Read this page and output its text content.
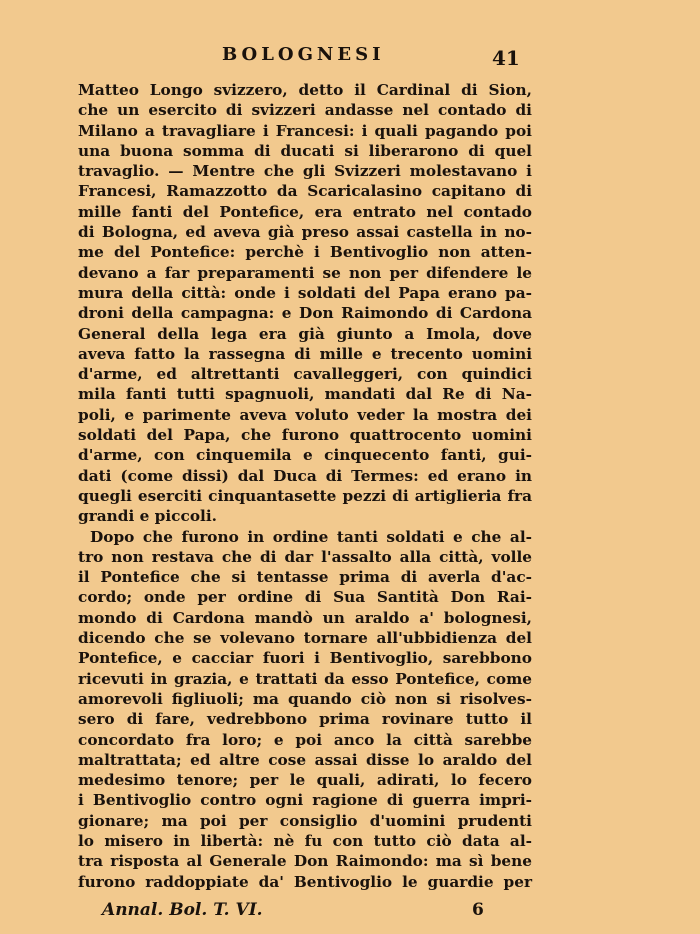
BOLOGNESI	41
Matteo Longo svizzero, detto il Cardinal di Sion,
che un esercito di svizzeri andasse nel contado di
Milano a travagliare i Francesi: i quali pagando poi
una buona somma di ducati si liberarono di quel
travaglio. — Mentre che gli Svizzeri molestavano i
Francesi, Ramazzotto da Scaricalasino capitano di
mille fanti del Pontefice, era entrato nel contado
di Bologna, ed aveva già preso assai castella in no-
me del Pontefice: perchè i Bentivoglio non atten-
devano a far preparamenti se non per difendere le
mura della città: onde i soldati del Papa erano pa-
droni della campagna: e Don Raimondo di Cardona
General della lega era già giunto a Imola, dove
aveva fatto la rassegna di mille e trecento uomini
d'arme, ed altrettanti cavalleggeri, con quindici
mila fanti tutti spagnuoli, mandati dal Re di Na-
poli, e parimente aveva voluto veder la mostra dei
soldati del Papa, che furono quattrocento uomini
d'arme, con cinquemila e cinquecento fanti, gui-
dati (come dissi) dal Duca di Termes: ed erano in
quegli eserciti cinquantasette pezzi di artiglieria fra
grandi e piccoli.
Dopo che furono in ordine tanti soldati e che al-
tro non restava che di dar l'assalto alla città, volle
il Pontefice che si tentasse prima di averla d'ac-
cordo; onde per ordine di Sua Santità Don Rai-
mondo di Cardona mandò un araldo a' bolognesi,
dicendo che se volevano tornare all'ubbidienza del
Pontefice, e cacciar fuori i Bentivoglio, sarebbono
ricevuti in grazia, e trattati da esso Pontefice, come
amorevoli figliuoli; ma quando ciò non si risolves-
sero di fare, vedrebbono prima rovinare tutto il
concordato fra loro; e poi anco la città sarebbe
maltrattata; ed altre cose assai disse lo araldo del
medesimo tenore; per le quali, adirati, lo fecero
i Bentivoglio contro ogni ragione di guerra impri-
gionare; ma poi per consiglio d'uomini prudenti
lo misero in libertà: nè fu con tutto ciò data al-
tra risposta al Generale Don Raimondo: ma sì bene
furono raddoppiate da' Bentivoglio le guardie per
Annal. Bol. T. VI.	6
